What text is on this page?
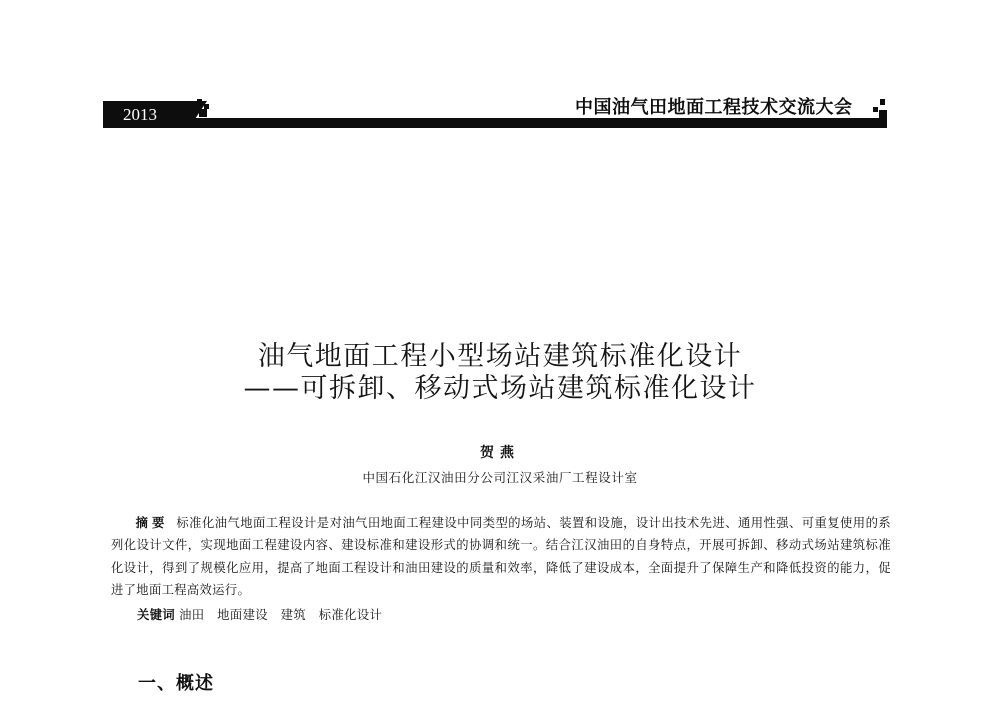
2013	中国油气田地面工程技术交流大会
油气地面工程小型场站建筑标准化设计
——可拆卸、移动式场站建筑标准化设计
贺燕
中国石化江汉油田分公司江汉采油厂工程设计室

摘要 标准化油气地面工程设计是对油气田地面工程建设中同类型的场站、装置和设施，设计出技术先进、通用性强、可重复使用的系列化设计文件，实现地面工程建设内容、建设标准和建设形式的协调和统一。结合江汉油田的自身特点，开展可拆卸、移动式场站建筑标准化设计，得到了规模化应用，提高了地面工程设计和油田建设的质量和效率，降低了建设成本，全面提升了保障生产和降低投资的能力，促进了地面工程高效运行。

关键词 油田　地面建设　建筑　标准化设计
一、概述
